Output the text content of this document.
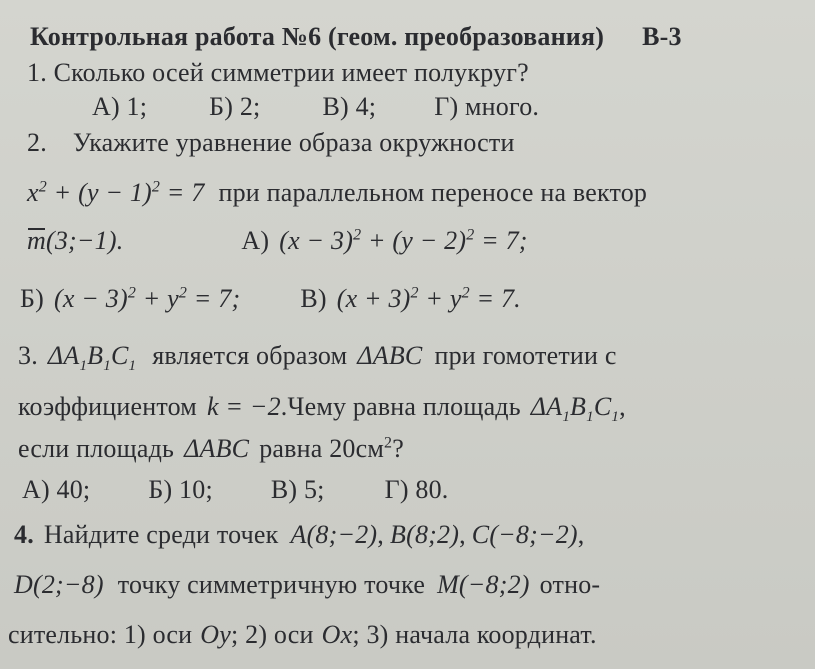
Контрольная работа №6 (геом. преобразования) В-3
1. Сколько осей симметрии имеет полукруг?
А) 1; Б) 2; В) 4; Г) много.
2. Укажите уравнение образа окружности
$x^2 + (y - 1)^2 = 7$ при параллельном переносе на вектор
m(3;−1).	А) $(x - 3)^2 + (y - 2)^2 = 7$;
Б) $(x - 3)^2 + y^2 = 7$; В) $(x + 3)^2 + y^2 = 7$.
3. $\Delta A_1B_1C_1$ является образом ΔABC при гомотетии с
коэффициентом k = −2.Чему равна площадь $\Delta A_1B_1C_1$,
если площадь ΔABC равна $20см^2$?
А) 40; Б) 10; В) 5; Г) 80.
4. Найдите среди точек A(8;−2), B(8;2), C(−8;−2),
D(2;−8) точку симметричную точке M(−8;2) отно-
сительно: 1) оси Oy; 2) оси Ox; 3) начала координат.
